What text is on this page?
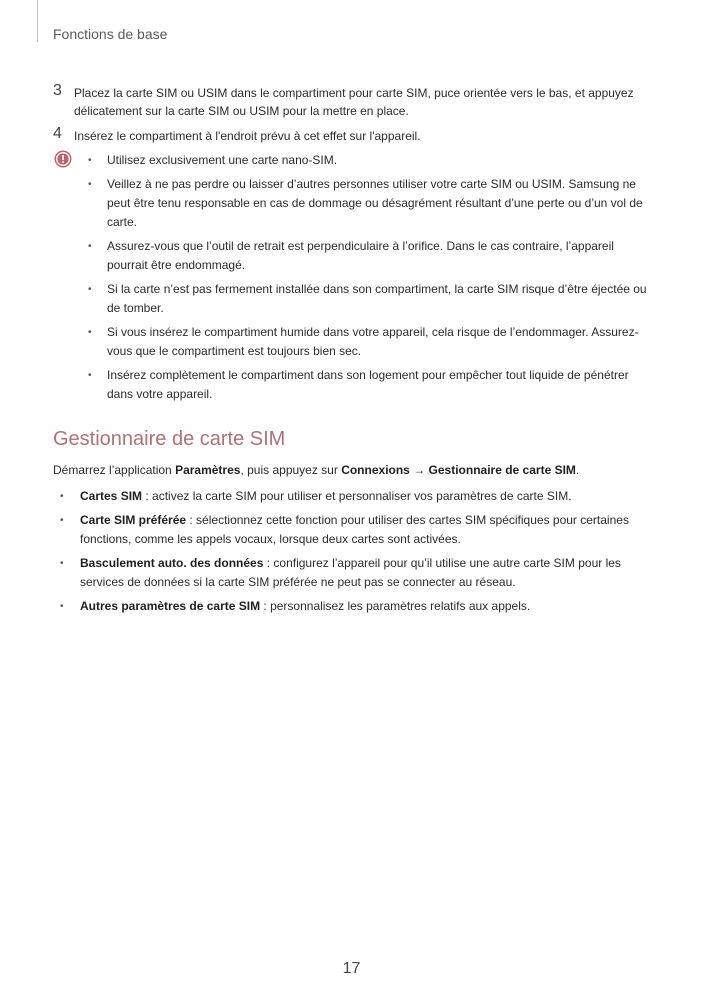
Fonctions de base
3 Placez la carte SIM ou USIM dans le compartiment pour carte SIM, puce orientée vers le bas, et appuyez délicatement sur la carte SIM ou USIM pour la mettre en place.
4 Insérez le compartiment à l'endroit prévu à cet effet sur l'appareil.
• Utilisez exclusivement une carte nano-SIM.
• Veillez à ne pas perdre ou laisser d’autres personnes utiliser votre carte SIM ou USIM. Samsung ne peut être tenu responsable en cas de dommage ou désagrément résultant d’une perte ou d’un vol de carte.
• Assurez-vous que l’outil de retrait est perpendiculaire à l’orifice. Dans le cas contraire, l’appareil pourrait être endommagé.
• Si la carte n’est pas fermement installée dans son compartiment, la carte SIM risque d’être éjectée ou de tomber.
• Si vous insérez le compartiment humide dans votre appareil, cela risque de l’endommager. Assurez-vous que le compartiment est toujours bien sec.
• Insérez complètement le compartiment dans son logement pour empêcher tout liquide de pénétrer dans votre appareil.
Gestionnaire de carte SIM
Démarrez l’application Paramètres, puis appuyez sur Connexions → Gestionnaire de carte SIM.
• Cartes SIM : activez la carte SIM pour utiliser et personnaliser vos paramètres de carte SIM.
• Carte SIM préférée : sélectionnez cette fonction pour utiliser des cartes SIM spécifiques pour certaines fonctions, comme les appels vocaux, lorsque deux cartes sont activées.
• Basculement auto. des données : configurez l’appareil pour qu’il utilise une autre carte SIM pour les services de données si la carte SIM préférée ne peut pas se connecter au réseau.
• Autres paramètres de carte SIM : personnalisez les paramètres relatifs aux appels.
17
